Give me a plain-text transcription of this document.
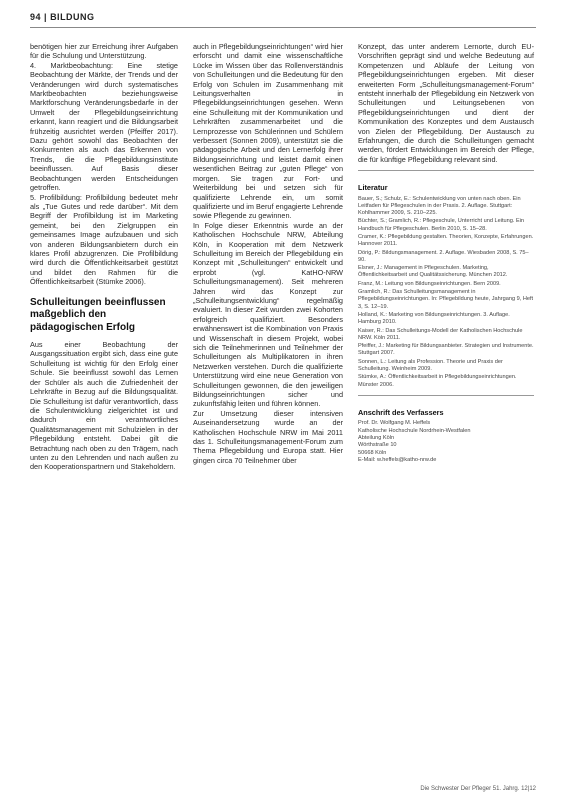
94 | BILDUNG

benötigen hier zur Erreichung ihrer Aufgaben für die Schulung und Unterstützung.

4. Marktbeobachtung: Eine stetige Beobachtung der Märkte, der Trends und der Veränderungen wird durch systematisches Marktbeobachten beziehungsweise Marktforschung Veränderungsbedarfe in der Umwelt der Pflegebildungseinrichtung erkannt, kann reagiert und die Bildungsarbeit frühzeitig ausrichtet werden (Pfeiffer 2017). Dazu gehört sowohl das Beobachten der Konkurrenten als auch das Erkennen von Trends, die die Pflegebildungsinstitute beeinflussen. Auf Basis dieser Beobachtungen werden Entscheidungen getroffen.

5. Profilbildung: Profilbildung bedeutet mehr als „Tue Gutes und rede darüber“. Mit dem Begriff der Profilbildung ist im Marketing gemeint, bei den Zielgruppen ein gemeinsames Image aufzubauen und sich von anderen Bildungsanbietern durch ein klares Profil abzugrenzen. Die Profilbildung wird durch die Öffentlichkeitsarbeit gestützt und bildet den Rahmen für die Öffentlichkeitsarbeit (Stümke 2006).

Schulleitungen beeinflussen maßgeblich den pädagogischen Erfolg

Aus einer Beobachtung der Ausgangssituation ergibt sich, dass eine gute Schulleitung ist wichtig für den Erfolg einer Schule. Sie beeinflusst sowohl das Lernen der Schüler als auch die Zufriedenheit der Lehrkräfte in Bezug auf die Bildungsqualität. Die Schulleitung ist dafür verantwortlich, dass die Schulentwicklung zielgerichtet ist und dadurch ein verantwortliches Qualitätsmanagement mit Schulzielen in der Pflegebildung entsteht. Dabei gilt die Betrachtung nach oben zu den Trägern, nach unten zu den Lehrenden und nach außen zu den Kooperationspartnern und Stakeholdern.

auch in Pflegebildungseinrichtungen“ wird hier erforscht und damit eine wissenschaftliche Lücke im Wissen über das Rollenverständnis von Schulleitungen und die Bedeutung für den Erfolg von Schulen im Zusammenhang mit Leitungsverhalten in Pflegebildungseinrichtungen gesehen. Wenn eine Schulleitung mit der Kommunikation und Lehrkräften zusammenarbeitet und die Lernprozesse von Schülerinnen und Schülern verbessert (Sonnen 2009), unterstützt sie die pädagogische Arbeit und den Lernerfolg ihrer Bildungseinrichtung und leistet damit einen wesentlichen Beitrag zur „guten Pflege“ von morgen. Sie tragen zur Fort- und Weiterbildung bei und setzen sich für qualifizierte Lehrende ein, um somit qualifizierte und im Beruf engagierte Lehrende sowie Pflegende zu gewinnen.

In Folge dieser Erkenntnis wurde an der Katholischen Hochschule NRW, Abteilung Köln, in Kooperation mit dem Netzwerk Schulleitung im Bereich der Pflegebildung ein Konzept mit „Schulleitungen“ entwickelt und erprobt (vgl. KatHO-NRW Schulleitungsmanagement). Seit mehreren Jahren wird das Konzept zur „Schulleitungsentwicklung“ regelmäßig evaluiert. In dieser Zeit wurden zwei Kohorten erfolgreich qualifiziert. Besonders erwähnenswert ist die Kombination von Praxis und Wissenschaft in diesem Projekt, wobei sich die Teilnehmerinnen und Teilnehmer der Schulleitungen als Multiplikatoren in ihren Netzwerken verstehen. Durch die qualifizierte Unterstützung wird eine neue Generation von Schulleitungen gewonnen, die den jeweiligen Bildungseinrichtungen sicher und zukunftsfähig leiten und führen können.

Zur Umsetzung dieser intensiven Auseinandersetzung wurde an der Katholischen Hochschule NRW im Mai 2011 das 1. Schulleitungsmanagement-Forum zum Thema Pflegebildung und Europa statt. Hier gingen circa 70 Teilnehmer über

Konzept, das unter anderem Lernorte, durch EU-Vorschriften geprägt sind und welche Bedeutung auf Kompetenzen und Abläufe der Leitung von Pflegebildungseinrichtungen ergeben. Mit dieser erweiterten Form „Schulleitungsmanagement-Forum“ entsteht innerhalb der Pflegebildung ein Netzwerk von Schulleitungen und Leitungsebenen von Pflegebildungseinrichtungen und dient der Kommunikation des Konzeptes und dem Austausch von Zielen der Pflegebildung. Der Austausch zu Erfahrungen, die durch die Schulleitungen gemacht werden, fördert Entwicklungen im Bereich der Pflege, die für künftige Pflegebildung relevant sind.

Literatur
Bauer, S.; Schulz, E.: Schulentwicklung von unten nach oben. Ein Leitfaden für Pflegeschulen in der Praxis. 2. Auflage. Stuttgart: Kohlhammer 2009, S. 210–225.
Büchter, S.; Gramlich, R.: Pflegeschule, Unterricht und Leitung. Ein Handbuch für Pflegeschulen. Berlin 2010, S. 15–28.
Cramer, K.: Pflegebildung gestalten. Theorien, Konzepte, Erfahrungen. Hannover 2011.
Dörig, P.: Bildungsmanagement. 2. Auflage. Wiesbaden 2008, S. 75–90.
Elsner, J.: Management in Pflegeschulen. Marketing, Öffentlichkeitsarbeit und Qualitätssicherung. München 2012.
Franz, M.: Leitung von Bildungseinrichtungen. Bern 2009.
Gramlich, R.: Das Schulleitungsmanagement in Pflegebildungseinrichtungen. In: Pflegebildung heute, Jahrgang 9, Heft 3, S. 12–19.
Holland, K.: Marketing von Bildungseinrichtungen. 3. Auflage. Hamburg 2010.
Kaiser, R.: Das Schulleitungs-Modell der Katholischen Hochschule NRW. Köln 2011.
Pfeiffer, J.: Marketing für Bildungsanbieter. Strategien und Instrumente. Stuttgart 2007.
Sonnen, L.: Leitung als Profession. Theorie und Praxis der Schulleitung. Weinheim 2009.
Stümke, A.: Öffentlichkeitsarbeit in Pflegebildungseinrichtungen. Münster 2006.
Anschrift des Verfassers
Prof. Dr. Wolfgang M. Heffels
Katholische Hochschule Nordrhein-Westfalen
Abteilung Köln
Wörthstraße 10
50668 Köln
E-Mail: w.heffels@katho-nrw.de
Die Schwester Der Pfleger 51. Jahrg. 12|12
